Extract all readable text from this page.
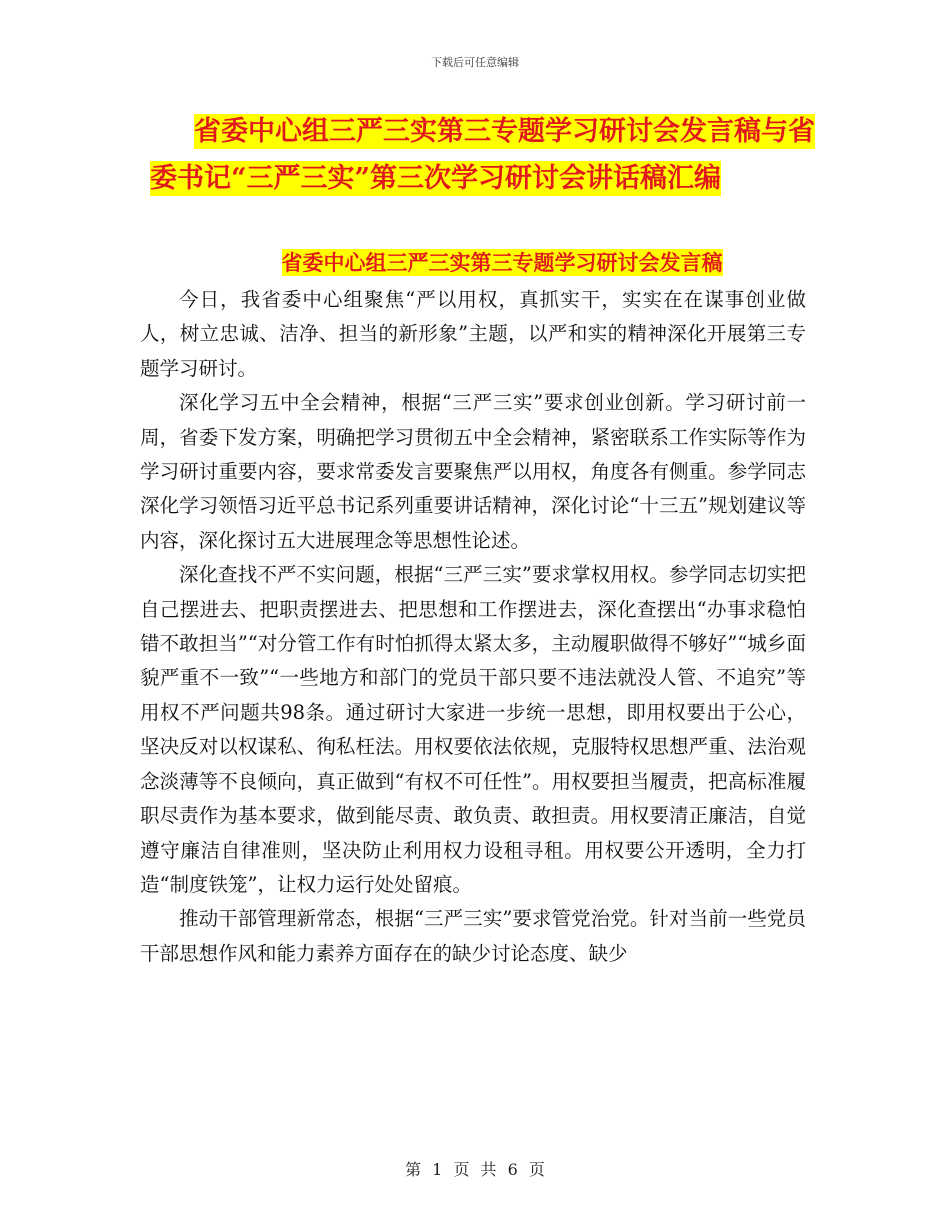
下载后可任意编辑
省委中心组三严三实第三专题学习研讨会发言稿与省
委书记“三严三实”第三次学习研讨会讲话稿汇编
省委中心组三严三实第三专题学习研讨会发言稿

今日，我省委中心组聚焦“严以用权，真抓实干，实实在在谋事创业做人，树立忠诚、洁净、担当的新形象”主题，以严和实的精神深化开展第三专题学习研讨。

深化学习五中全会精神，根据“三严三实”要求创业创新。学习研讨前一周，省委下发方案，明确把学习贯彻五中全会精神，紧密联系工作实际等作为学习研讨重要内容，要求常委发言要聚焦严以用权，角度各有侧重。参学同志深化学习领悟习近平总书记系列重要讲话精神，深化讨论“十三五”规划建议等内容，深化探讨五大进展理念等思想性论述。

深化查找不严不实问题，根据“三严三实”要求掌权用权。参学同志切实把自己摆进去、把职责摆进去、把思想和工作摆进去，深化查摆出“办事求稳怕错不敢担当”“对分管工作有时怕抓得太紧太多，主动履职做得不够好”“城乡面貌严重不一致”“一些地方和部门的党员干部只要不违法就没人管、不追究”等用权不严问题共98条。通过研讨大家进一步统一思想，即用权要出于公心，坚决反对以权谋私、徇私枉法。用权要依法依规，克服特权思想严重、法治观念淡薄等不良倾向，真正做到“有权不可任性”。用权要担当履责，把高标准履职尽责作为基本要求，做到能尽责、敢负责、敢担责。用权要清正廉洁，自觉遵守廉洁自律准则，坚决防止利用权力设租寻租。用权要公开透明，全力打造“制度铁笼”，让权力运行处处留痕。

推动干部管理新常态，根据“三严三实”要求管党治党。针对当前一些党员干部思想作风和能力素养方面存在的缺少讨论态度、缺少

第 1 页 共 6 页
